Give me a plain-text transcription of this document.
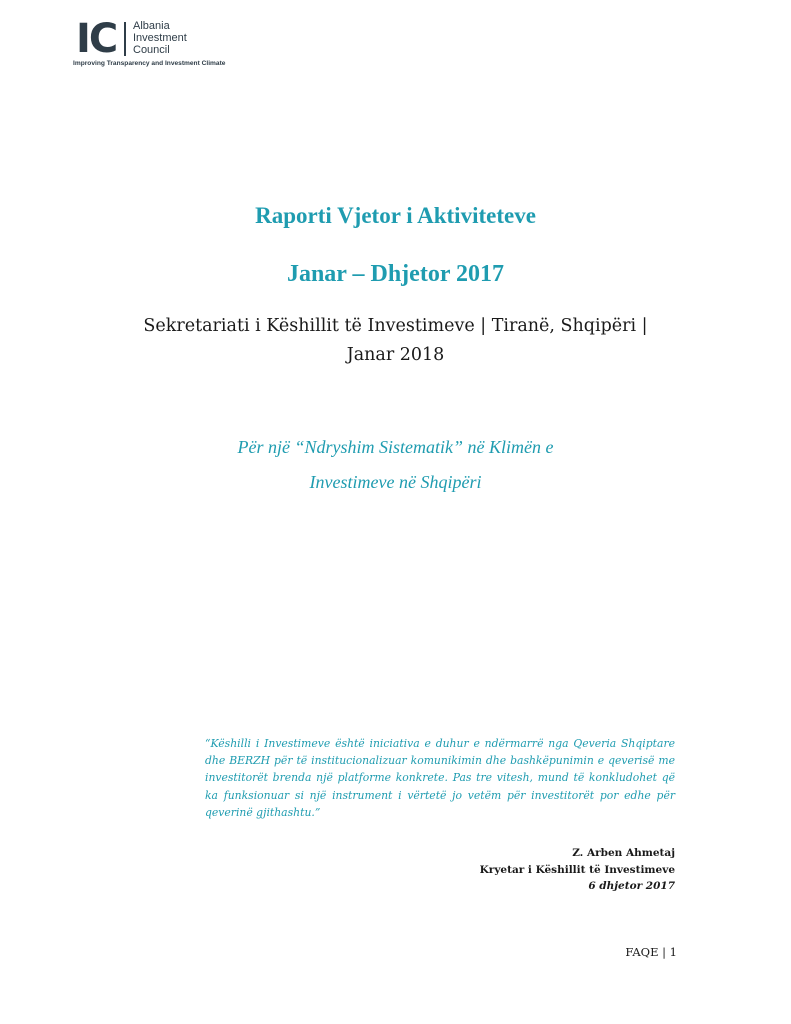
IC Albania
Investment
Council
Improving Transparency and Investment Climate
Raporti Vjetor i Aktiviteteve
Janar – Dhjetor 2017
Sekretariati i Këshillit të Investimeve | Tiranë, Shqipëri |
Janar 2018
Për një “Ndryshim Sistematik” në Klimën e
Investimeve në Shqipëri
“Këshilli i Investimeve është iniciativa e duhur e ndërmarrë nga Qeveria Shqiptare dhe BERZH për të institucionalizuar komunikimin dhe bashkëpunimin e qeverisë me investitorët brenda një platforme konkrete. Pas tre vitesh, mund të konkludohet që ka funksionuar si një instrument i vërtetë jo vetëm për investitorët por edhe për qeverinë gjithashtu.”
Z. Arben Ahmetaj
Kryetar i Këshillit të Investimeve
6 dhjetor 2017
FAQE | 1
